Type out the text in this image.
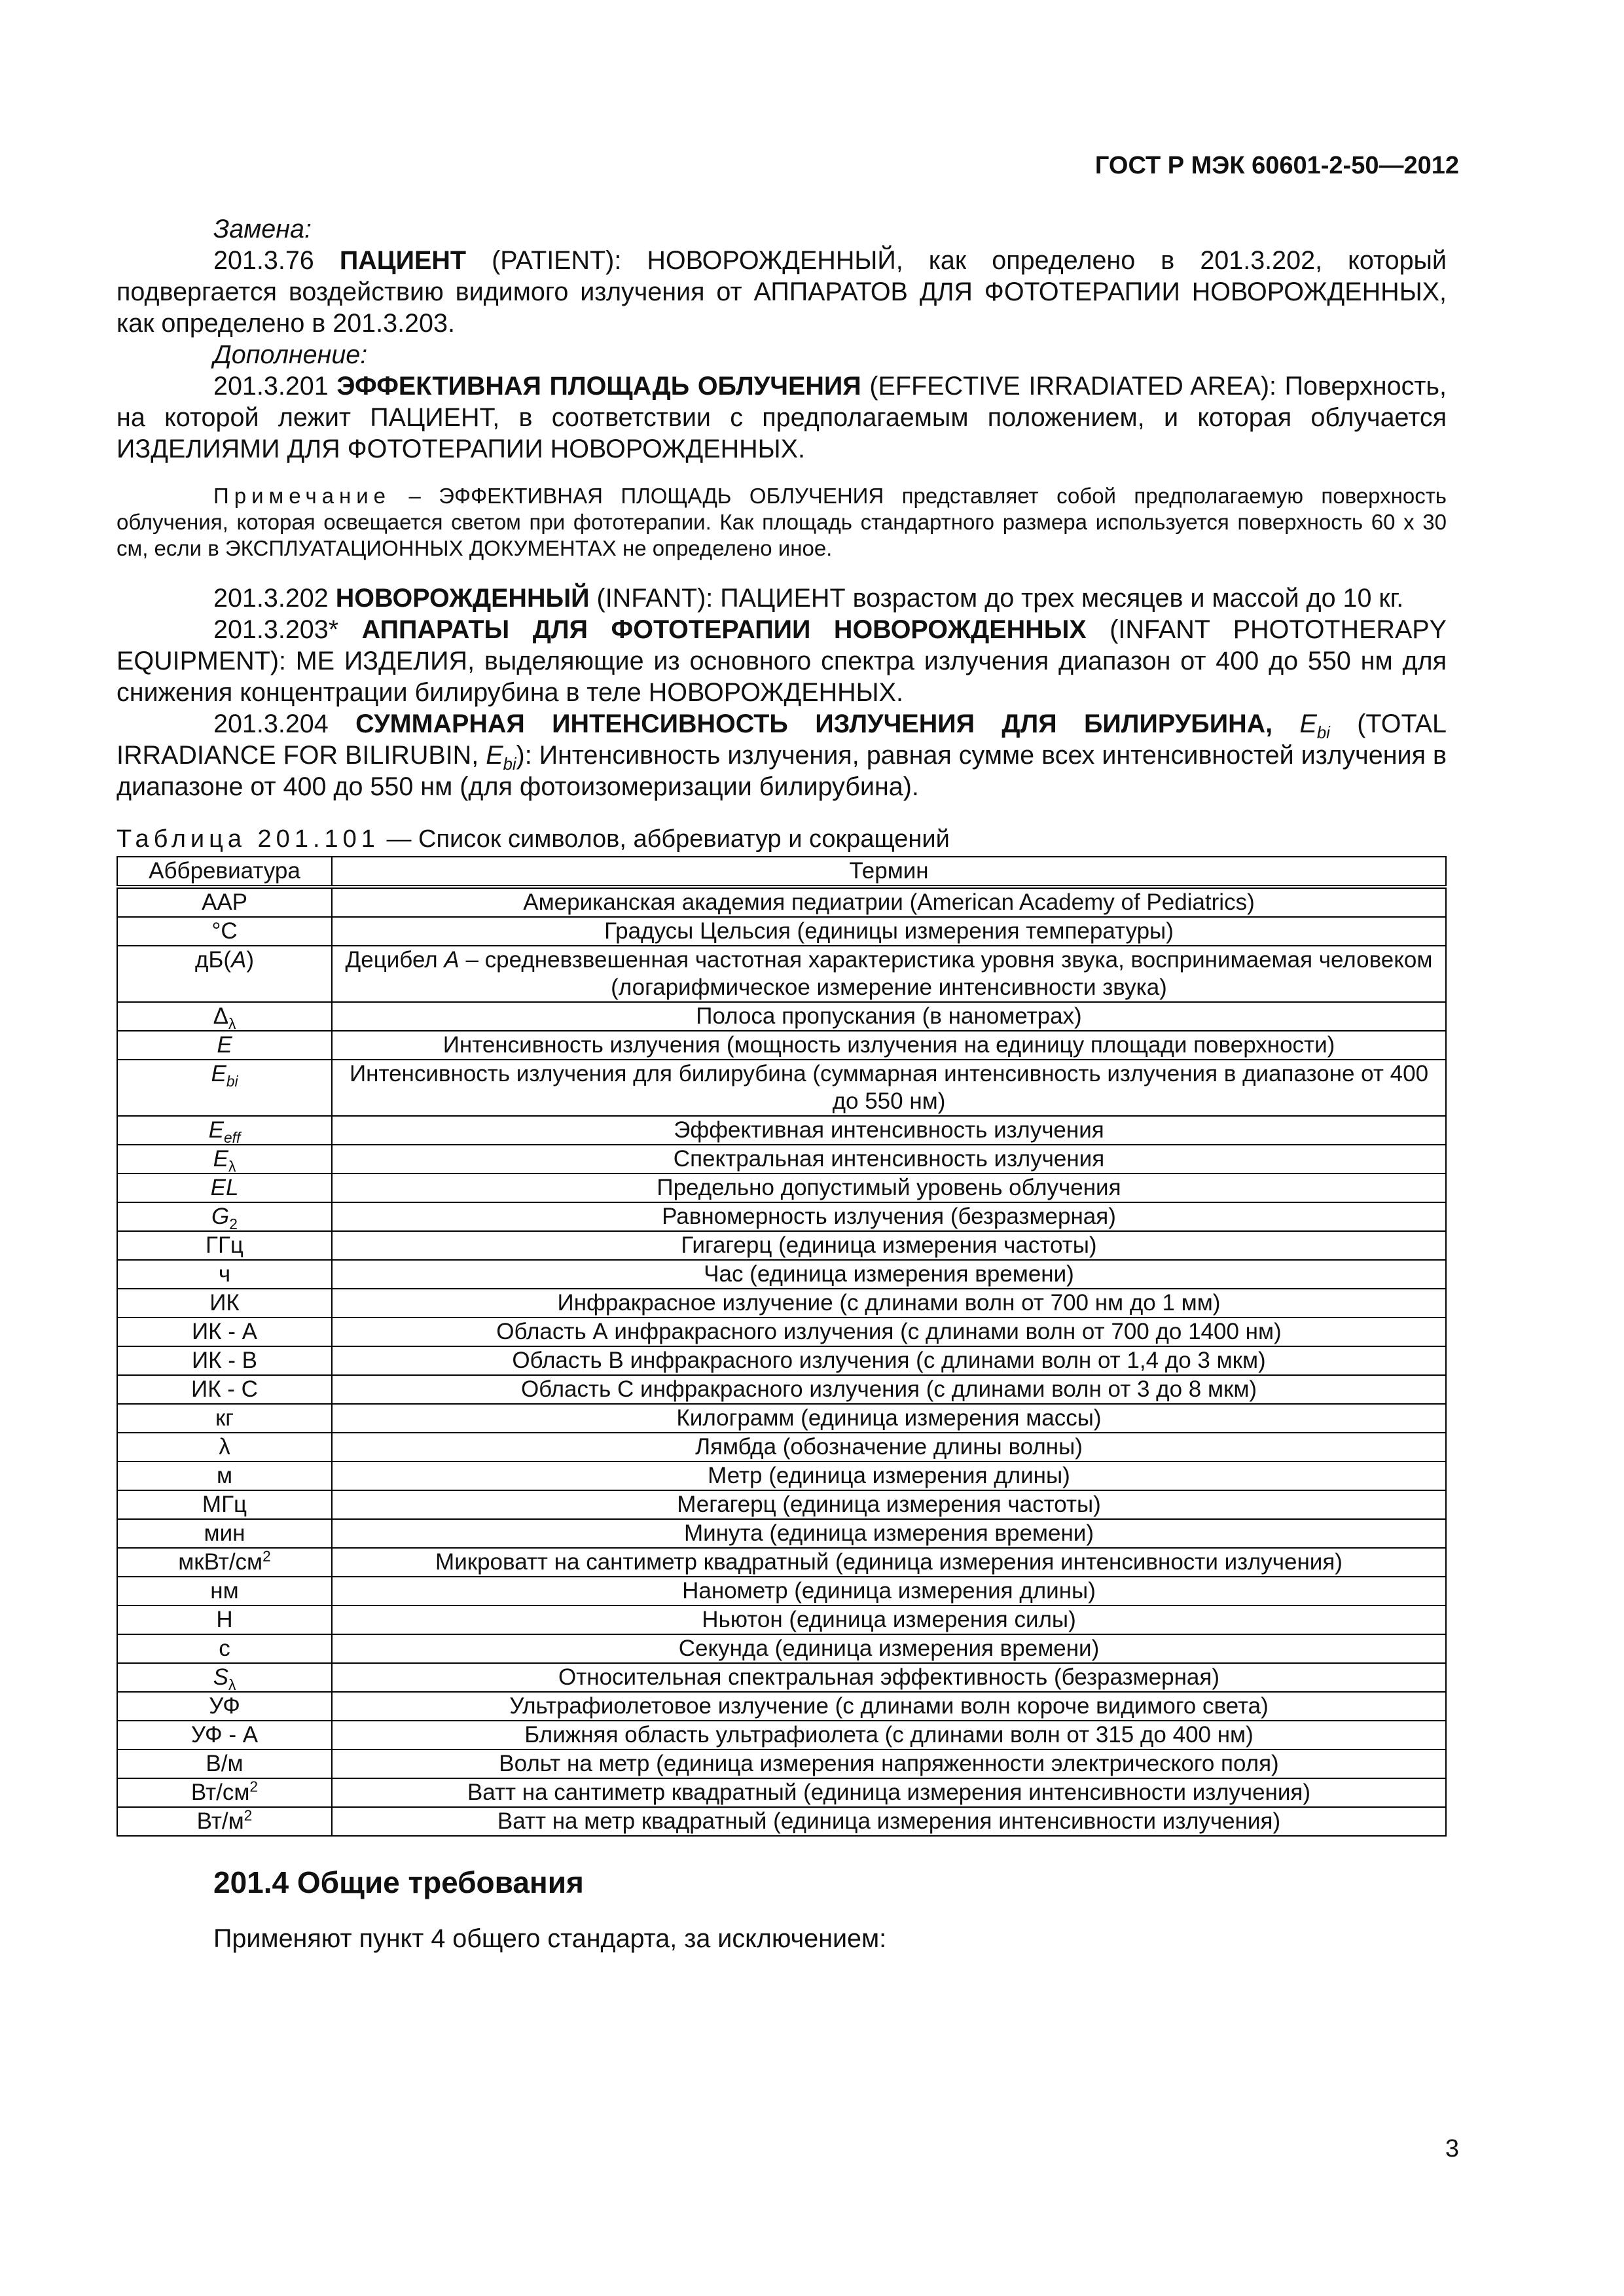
ГОСТ Р МЭК 60601-2-50—2012

Замена:

201.3.76 ПАЦИЕНТ (PATIENT): НОВОРОЖДЕННЫЙ, как определено в 201.3.202, который подвергается воздействию видимого излучения от АППАРАТОВ ДЛЯ ФОТОТЕРАПИИ НОВОРОЖДЕННЫХ, как определено в 201.3.203.

Дополнение:

201.3.201 ЭФФЕКТИВНАЯ ПЛОЩАДЬ ОБЛУЧЕНИЯ (EFFECTIVE IRRADIATED AREA): Поверхность, на которой лежит ПАЦИЕНТ, в соответствии с предполагаемым положением, и которая облучается ИЗДЕЛИЯМИ ДЛЯ ФОТОТЕРАПИИ НОВОРОЖДЕННЫХ.

Примечание – ЭФФЕКТИВНАЯ ПЛОЩАДЬ ОБЛУЧЕНИЯ представляет собой предполагаемую поверхность облучения, которая освещается светом при фототерапии. Как площадь стандартного размера используется поверхность 60 х 30 см, если в ЭКСПЛУАТАЦИОННЫХ ДОКУМЕНТАХ не определено иное.

201.3.202 НОВОРОЖДЕННЫЙ (INFANT): ПАЦИЕНТ возрастом до трех месяцев и массой до 10 кг.

201.3.203* АППАРАТЫ ДЛЯ ФОТОТЕРАПИИ НОВОРОЖДЕННЫХ (INFANT PHOTOTHERAPY EQUIPMENT): МЕ ИЗДЕЛИЯ, выделяющие из основного спектра излучения диапазон от 400 до 550 нм для снижения концентрации билирубина в теле НОВОРОЖДЕННЫХ.

201.3.204 СУММАРНАЯ ИНТЕНСИВНОСТЬ ИЗЛУЧЕНИЯ ДЛЯ БИЛИРУБИНА, $E_{bi}$ (TOTAL IRRADIANCE FOR BILIRUBIN, $E_{bi}$): Интенсивность излучения, равная сумме всех интенсивностей излучения в диапазоне от 400 до 550 нм (для фотоизомеризации билирубина).

Таблица 201.101 — Список символов, аббревиатур и сокращений

Аббревиатура	Термин
AAP	Американская академия педиатрии (American Academy of Pediatrics)
°C	Градусы Цельсия (единицы измерения температуры)
дБ(A)	Децибел А – средневзвешенная частотная характеристика уровня звука, воспринимаемая человеком (логарифмическое измерение интенсивности звука)
$\Delta_\lambda$	Полоса пропускания (в нанометрах)
E	Интенсивность излучения (мощность излучения на единицу площади поверхности)
$E_{bi}$	Интенсивность излучения для билирубина (суммарная интенсивность излучения в диапазоне от 400 до 550 нм)
$E_{eff}$	Эффективная интенсивность излучения
$E_\lambda$	Спектральная интенсивность излучения
EL	Предельно допустимый уровень облучения
$G_2$	Равномерность излучения (безразмерная)
ГГц	Гигагерц (единица измерения частоты)
ч	Час (единица измерения времени)
ИК	Инфракрасное излучение (с длинами волн от 700 нм до 1 мм)
ИК - А	Область А инфракрасного излучения (с длинами волн от 700 до 1400 нм)
ИК - В	Область В инфракрасного излучения (с длинами волн от 1,4 до 3 мкм)
ИК - С	Область С инфракрасного излучения (с длинами волн от 3 до 8 мкм)
кг	Килограмм (единица измерения массы)
λ	Лямбда (обозначение длины волны)
м	Метр (единица измерения длины)
МГц	Мегагерц (единица измерения частоты)
мин	Минута (единица измерения времени)
мкВт/$см^2$	Микроватт на сантиметр квадратный (единица измерения интенсивности излучения)
нм	Нанометр (единица измерения длины)
Н	Ньютон (единица измерения силы)
с	Секунда (единица измерения времени)
$S_\lambda$	Относительная спектральная эффективность (безразмерная)
УФ	Ультрафиолетовое излучение (с длинами волн короче видимого света)
УФ - А	Ближняя область ультрафиолета (с длинами волн от 315 до 400 нм)
В/м	Вольт на метр (единица измерения напряженности электрического поля)
$Вт/см^2$	Ватт на сантиметр квадратный (единица измерения интенсивности излучения)
$Вт/м^2$	Ватт на метр квадратный (единица измерения интенсивности излучения)
201.4 Общие требования

Применяют пункт 4 общего стандарта, за исключением:

3
